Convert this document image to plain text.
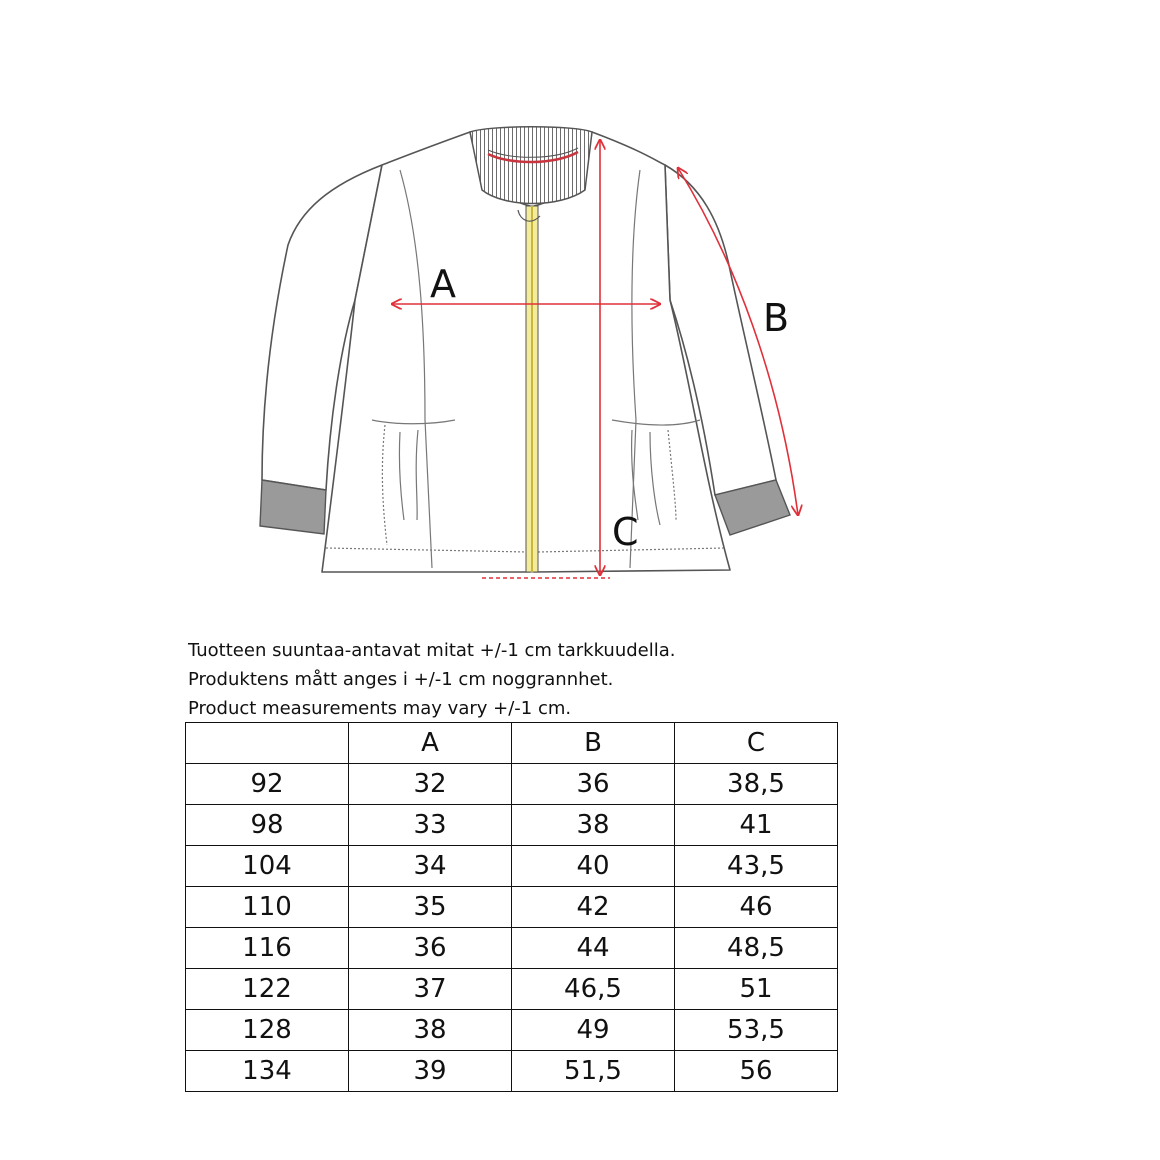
A
B
C
Tuotteen suuntaa-antavat mitat +/-1 cm tarkkuudella.
Produktens mått anges i +/-1 cm noggrannhet.
Product measurements may vary +/-1 cm.
	A	B	C
92	32	36	38,5
98	33	38	41
104	34	40	43,5
110	35	42	46
116	36	44	48,5
122	37	46,5	51
128	38	49	53,5
134	39	51,5	56
